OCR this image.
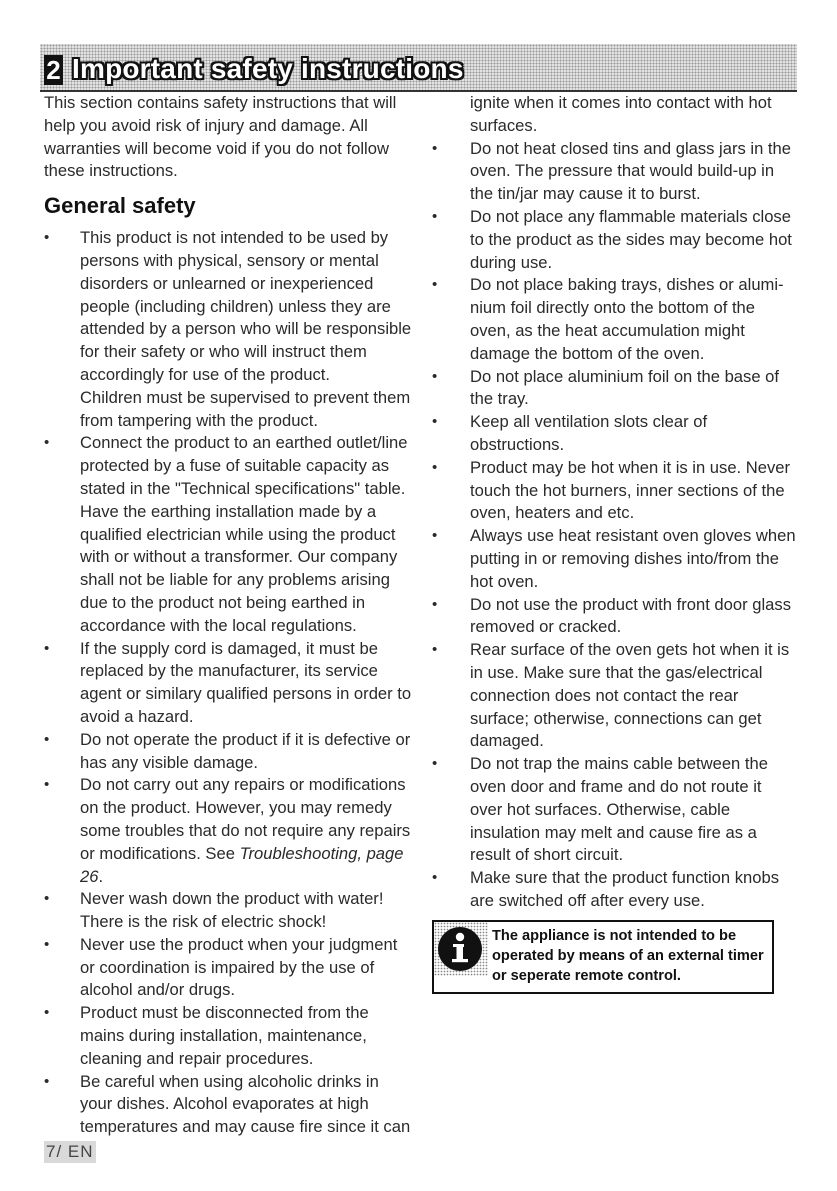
2 Important safety instructions

This section contains safety instructions that will help you avoid risk of injury and damage. All warranties will become void if you do not follow these instructions.

General safety
• This product is not intended to be used by persons with physical, sensory or mental disorders or unlearned or inexperienced people (including children) unless they are attended by a person who will be responsible for their safety or who will instruct them accordingly for use of the product.
Children must be supervised to prevent them from tampering with the product.
• Connect the product to an earthed outlet/line protected by a fuse of suitable capacity as stated in the "Technical specifications" table. Have the earthing installation made by a qualified electrician while using the product with or without a transformer. Our company shall not be liable for any problems arising due to the product not being earthed in accordance with the local regulations.
• If the supply cord is damaged, it must be replaced by the manufacturer, its service agent or similary qualified persons in order to avoid a hazard.
• Do not operate the product if it is defective or has any visible damage.
• Do not carry out any repairs or modifications on the product. However, you may remedy some troubles that do not require any repairs or modifications. See Troubleshooting, page 26.
• Never wash down the product with water! There is the risk of electric shock!
• Never use the product when your judgment or coordination is impaired by the use of alcohol and/or drugs.
• Product must be disconnected from the mains during installation, maintenance, cleaning and repair procedures.
• Be careful when using alcoholic drinks in your dishes. Alcohol evaporates at high temperatures and may cause fire since it can
ignite when it comes into contact with hot surfaces.
• Do not heat closed tins and glass jars in the oven. The pressure that would build-up in the tin/jar may cause it to burst.
• Do not place any flammable materials close to the product as the sides may become hot during use.
• Do not place baking trays, dishes or alumi-nium foil directly onto the bottom of the oven, as the heat accumulation might damage the bottom of the oven.
• Do not place aluminium foil on the base of the tray.
• Keep all ventilation slots clear of obstructions.
• Product may be hot when it is in use. Never touch the hot burners, inner sections of the oven, heaters and etc.
• Always use heat resistant oven gloves when putting in or removing dishes into/from the hot oven.
• Do not use the product with front door glass removed or cracked.
• Rear surface of the oven gets hot when it is in use. Make sure that the gas/electrical connection does not contact the rear surface; otherwise, connections can get damaged.
• Do not trap the mains cable between the oven door and frame and do not route it over hot surfaces. Otherwise, cable insulation may melt and cause fire as a result of short circuit.
• Make sure that the product function knobs are switched off after every use.
The appliance is not intended to be operated by means of an external timer or seperate remote control.
7/ EN
